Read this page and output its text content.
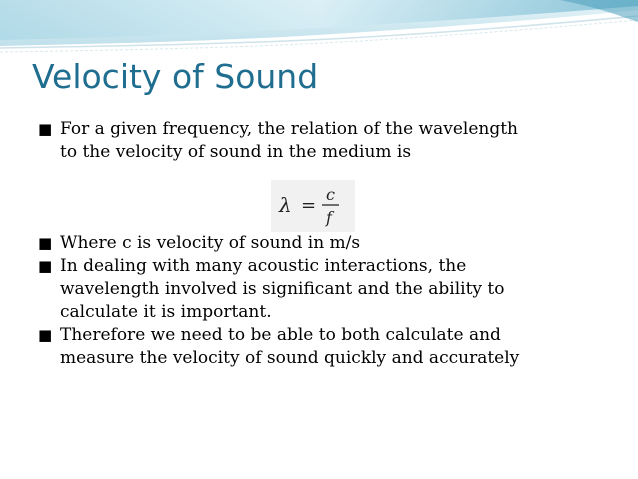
Velocity of Sound
■ For a given frequency, the relation of the wavelength
to the velocity of sound in the medium is
■ Where c is velocity of sound in m/s
■ In dealing with many acoustic interactions, the
wavelength involved is significant and the ability to
calculate it is important.
■ Therefore we need to be able to both calculate and
measure the velocity of sound quickly and accurately
λ =
c
f
